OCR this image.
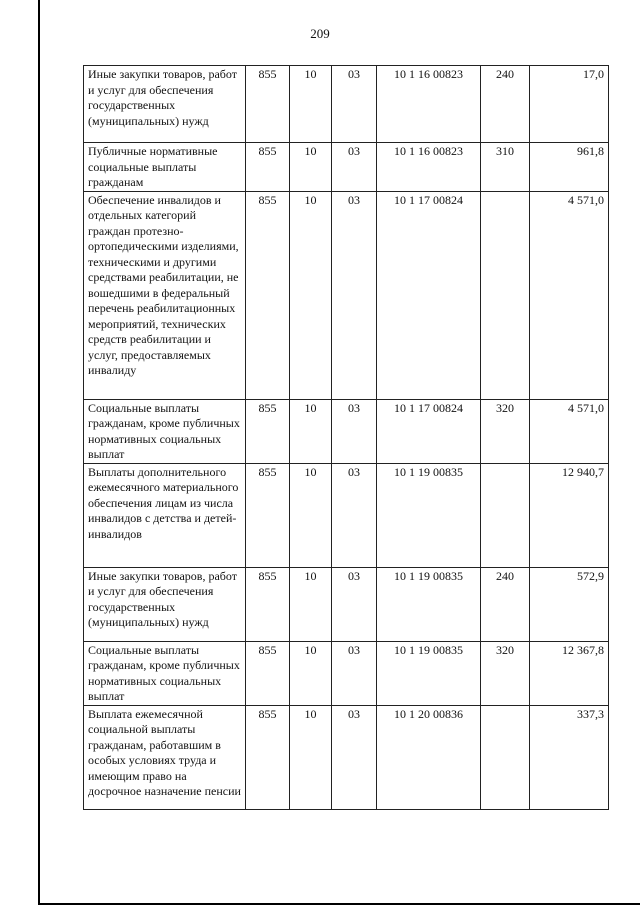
209
Иные закупки товаров, работ и услуг для обеспечения государственных (муниципальных) нужд	855	10	03	10 1 16 00823	240	17,0
Публичные нормативные социальные выплаты гражданам	855	10	03	10 1 16 00823	310	961,8
Обеспечение инвалидов и отдельных категорий граждан протезно-ортопедическими изделиями, техническими и другими средствами реабилитации, не вошедшими в федеральный перечень реабилитационных мероприятий, технических средств реабилитации и услуг, предоставляемых инвалиду	855	10	03	10 1 17 00824		4 571,0
Социальные выплаты гражданам, кроме публичных нормативных социальных выплат	855	10	03	10 1 17 00824	320	4 571,0
Выплаты дополнительного ежемесячного материального обеспечения лицам из числа инвалидов с детства и детей-инвалидов	855	10	03	10 1 19 00835		12 940,7
Иные закупки товаров, работ и услуг для обеспечения государственных (муниципальных) нужд	855	10	03	10 1 19 00835	240	572,9
Социальные выплаты гражданам, кроме публичных нормативных социальных выплат	855	10	03	10 1 19 00835	320	12 367,8
Выплата ежемесячной социальной выплаты гражданам, работавшим в особых условиях труда и имеющим право на досрочное назначение пенсии	855	10	03	10 1 20 00836		337,3
